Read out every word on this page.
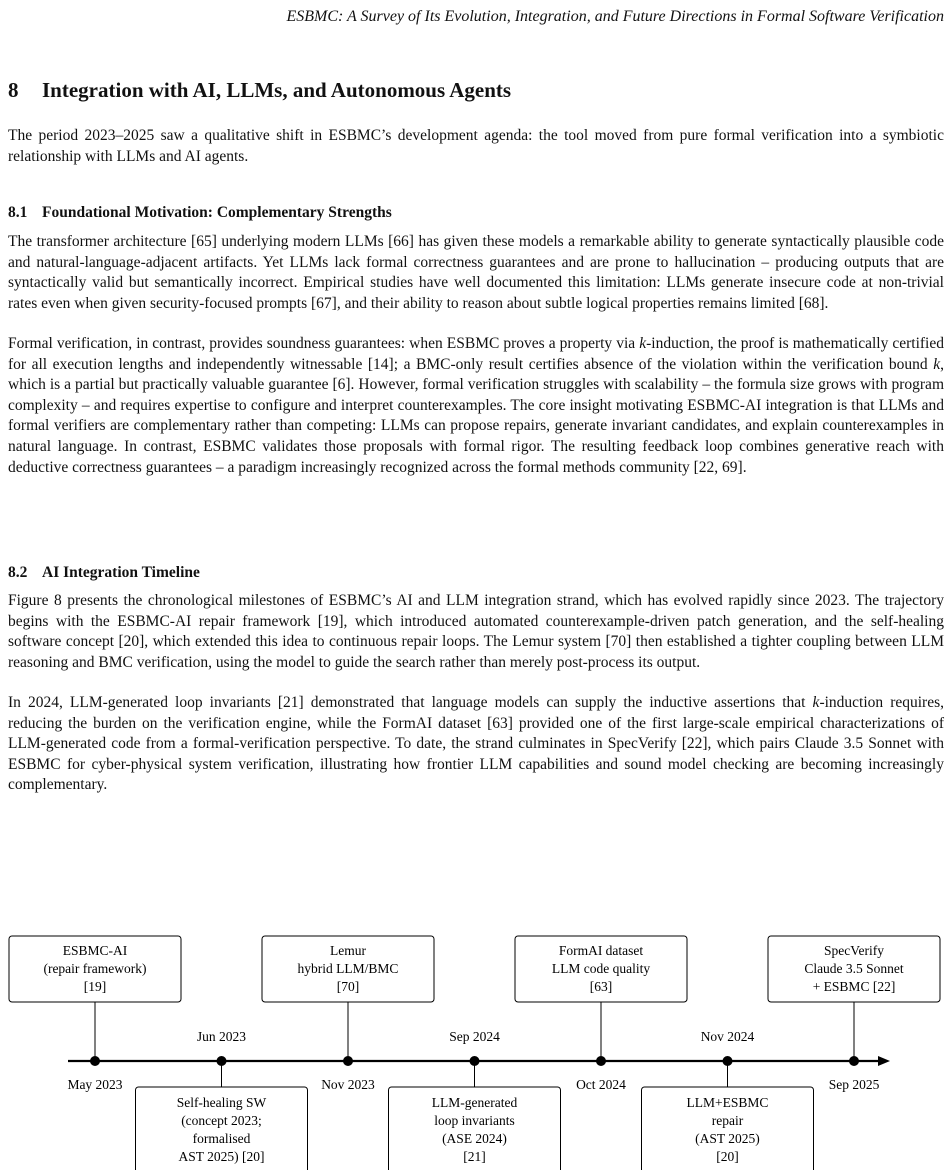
ESBMC: A Survey of Its Evolution, Integration, and Future Directions in Formal Software Verification
8 Integration with AI, LLMs, and Autonomous Agents

The period 2023–2025 saw a qualitative shift in ESBMC’s development agenda: the tool moved from pure formal verification into a symbiotic relationship with LLMs and AI agents.

8.1 Foundational Motivation: Complementary Strengths

The transformer architecture [65] underlying modern LLMs [66] has given these models a remarkable ability to generate syntactically plausible code and natural-language-adjacent artifacts. Yet LLMs lack formal correctness guarantees and are prone to hallucination – producing outputs that are syntactically valid but semantically incorrect. Empirical studies have well documented this limitation: LLMs generate insecure code at non-trivial rates even when given security-focused prompts [67], and their ability to reason about subtle logical properties remains limited [68].

Formal verification, in contrast, provides soundness guarantees: when ESBMC proves a property via k-induction, the proof is mathematically certified for all execution lengths and independently witnessable [14]; a BMC-only result certifies absence of the violation within the verification bound k, which is a partial but practically valuable guarantee [6]. However, formal verification struggles with scalability – the formula size grows with program complexity – and requires expertise to configure and interpret counterexamples. The core insight motivating ESBMC-AI integration is that LLMs and formal verifiers are complementary rather than competing: LLMs can propose repairs, generate invariant candidates, and explain counterexamples in natural language. In contrast, ESBMC validates those proposals with formal rigor. The resulting feedback loop combines generative reach with deductive correctness guarantees – a paradigm increasingly recognized across the formal methods community [22, 69].

8.2 AI Integration Timeline

Figure 8 presents the chronological milestones of ESBMC’s AI and LLM integration strand, which has evolved rapidly since 2023. The trajectory begins with the ESBMC-AI repair framework [19], which introduced automated counterexample-driven patch generation, and the self-healing software concept [20], which extended this idea to continuous repair loops. The Lemur system [70] then established a tighter coupling between LLM reasoning and BMC verification, using the model to guide the search rather than merely post-process its output.

In 2024, LLM-generated loop invariants [21] demonstrated that language models can supply the inductive assertions that k-induction requires, reducing the burden on the verification engine, while the FormAI dataset [63] provided one of the first large-scale empirical characterizations of LLM-generated code from a formal-verification perspective. To date, the strand culminates in SpecVerify [22], which pairs Claude 3.5 Sonnet with ESBMC for cyber-physical system verification, illustrating how frontier LLM capabilities and sound model checking are becoming increasingly complementary.

ESBMC-AI
(repair framework)
[19]
May 2023
Self-healing SW
(concept 2023;
formalised
AST 2025) [20]
Jun 2023
Lemur
hybrid LLM/BMC
[70]
Nov 2023
LLM-generated
loop invariants
(ASE 2024)
[21]
Sep 2024
FormAI dataset
LLM code quality
[63]
Oct 2024
LLM+ESBMC
repair
(AST 2025)
[20]
Nov 2024
SpecVerify
Claude 3.5 Sonnet
+ ESBMC [22]
Sep 2025
